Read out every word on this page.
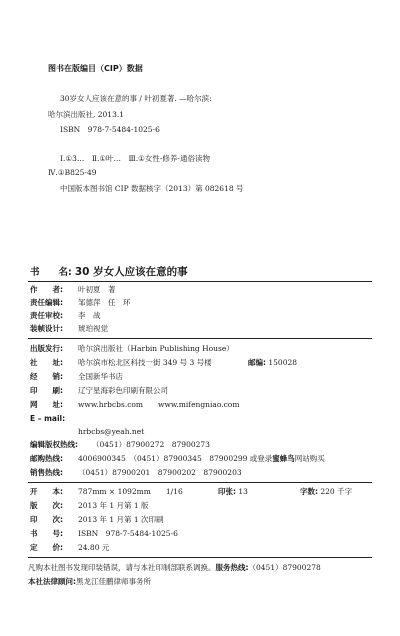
图书在版编目（CIP）数据
30岁女人应该在意的事 / 叶初夏著. —哈尔滨:
哈尔滨出版社, 2013.1
ISBN　978-7-5484-1025-6
Ⅰ.①3…　Ⅱ.①叶…　Ⅲ.①女性-修养-通俗读物
Ⅳ.①B825-49
中国版本图书馆 CIP 数据核字（2013）第 082618 号
书　　名: 30 岁女人应该在意的事
作　　者: 叶初夏　著
责任编辑: 邹德萍　任　环
责任审校: 李　战
装帧设计: 琥珀视觉
出版发行: 哈尔滨出版社（Harbin Publishing House）
社　　址: 哈尔滨市松北区科技一街 349 号 3 号楼	邮编: 150028
经　　销: 全国新华书店
印　　刷: 辽宁星海彩色印刷有限公司
网　　址: www.hrbcbs.com　　www.mifengniao.com
E – mail:
hrbcbs@yeah.net
编辑版权热线: （0451）87900272　87900273
邮购热线: 4006900345　（0451）87900345　87900299 或登录蜜蜂鸟网站购买
销售热线: （0451）87900201　87900202　87900203
开　　本: 787mm × 1092mm　　1/16	印张: 13	字数: 220 千字
版　　次: 2013 年 1 月第 1 版
印　　次: 2013 年 1 月第 1 次印刷
书　　号: ISBN　978-7-5484-1025-6
定　　价: 24.80 元
凡购本社图书发现印装错误，请与本社印制部联系调换。服务热线:（0451）87900278
本社法律顾问:黑龙江佳鹏律师事务所
